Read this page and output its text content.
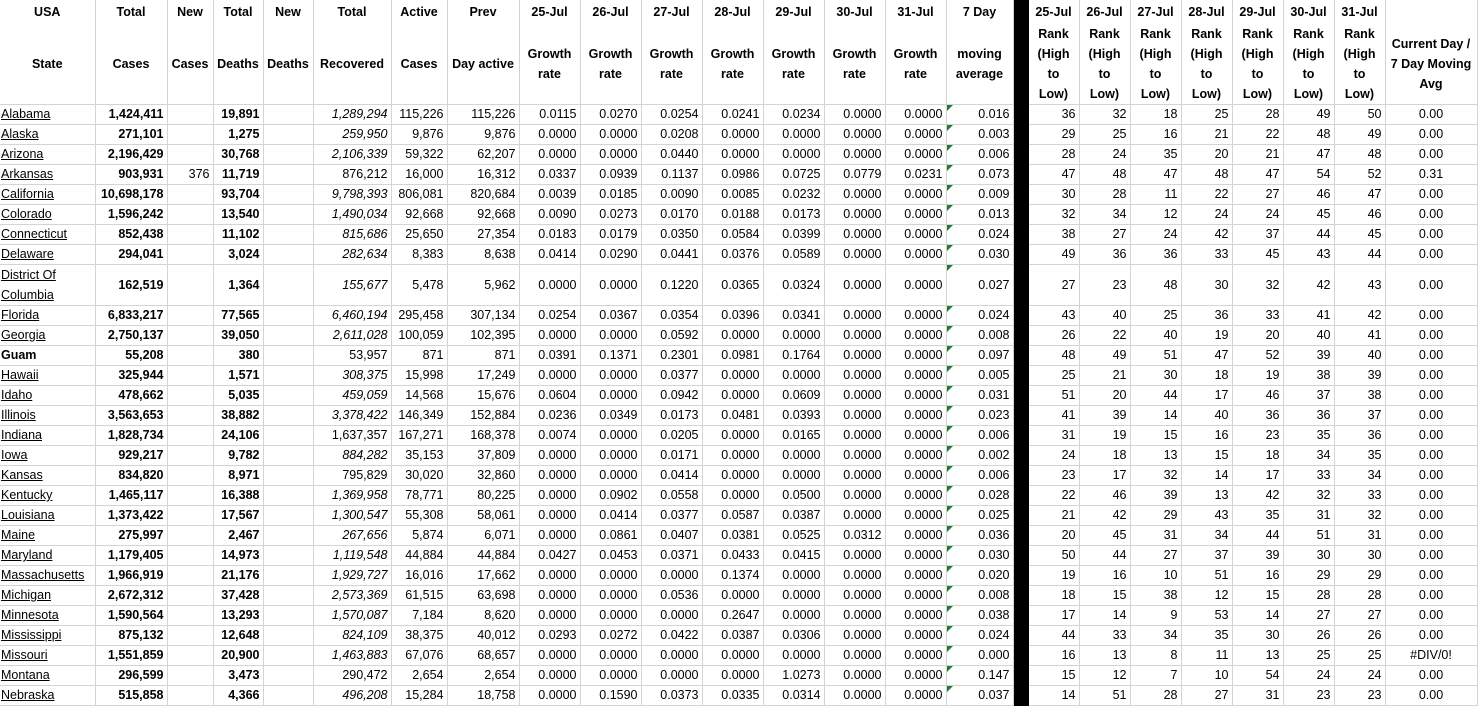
USA	Total	New	Total	New	Total	Active	Prev	25-Jul	26-Jul	27-Jul	28-Jul	29-Jul	30-Jul	31-Jul	7 Day		25-Jul	26-Jul	27-Jul	28-Jul	29-Jul	30-Jul	31-Jul	
State	Cases	Cases	Deaths	Deaths	Recovered	Cases	Day active	Growth rate	Growth rate	Growth rate	Growth rate	Growth rate	Growth rate	Growth rate	moving average		Rank (High to Low)	Rank (High to Low)	Rank (High to Low)	Rank (High to Low)	Rank (High to Low)	Rank (High to Low)	Rank (High to Low)	Current Day / 7 Day Moving Avg
Alabama	1,424,411		19,891		1,289,294	115,226	115,226	0.0115	0.0270	0.0254	0.0241	0.0234	0.0000	0.0000	0.016		36	32	18	25	28	49	50	0.00
Alaska	271,101		1,275		259,950	9,876	9,876	0.0000	0.0000	0.0208	0.0000	0.0000	0.0000	0.0000	0.003		29	25	16	21	22	48	49	0.00
Arizona	2,196,429		30,768		2,106,339	59,322	62,207	0.0000	0.0000	0.0440	0.0000	0.0000	0.0000	0.0000	0.006		28	24	35	20	21	47	48	0.00
Arkansas	903,931	376	11,719		876,212	16,000	16,312	0.0337	0.0939	0.1137	0.0986	0.0725	0.0779	0.0231	0.073		47	48	47	48	47	54	52	0.31
California	10,698,178		93,704		9,798,393	806,081	820,684	0.0039	0.0185	0.0090	0.0085	0.0232	0.0000	0.0000	0.009		30	28	11	22	27	46	47	0.00
Colorado	1,596,242		13,540		1,490,034	92,668	92,668	0.0090	0.0273	0.0170	0.0188	0.0173	0.0000	0.0000	0.013		32	34	12	24	24	45	46	0.00
Connecticut	852,438		11,102		815,686	25,650	27,354	0.0183	0.0179	0.0350	0.0584	0.0399	0.0000	0.0000	0.024		38	27	24	42	37	44	45	0.00
Delaware	294,041		3,024		282,634	8,383	8,638	0.0414	0.0290	0.0441	0.0376	0.0589	0.0000	0.0000	0.030		49	36	36	33	45	43	44	0.00
District Of Columbia	162,519		1,364		155,677	5,478	5,962	0.0000	0.0000	0.1220	0.0365	0.0324	0.0000	0.0000	0.027		27	23	48	30	32	42	43	0.00
Florida	6,833,217		77,565		6,460,194	295,458	307,134	0.0254	0.0367	0.0354	0.0396	0.0341	0.0000	0.0000	0.024		43	40	25	36	33	41	42	0.00
Georgia	2,750,137		39,050		2,611,028	100,059	102,395	0.0000	0.0000	0.0592	0.0000	0.0000	0.0000	0.0000	0.008		26	22	40	19	20	40	41	0.00
Guam	55,208		380		53,957	871	871	0.0391	0.1371	0.2301	0.0981	0.1764	0.0000	0.0000	0.097		48	49	51	47	52	39	40	0.00
Hawaii	325,944		1,571		308,375	15,998	17,249	0.0000	0.0000	0.0377	0.0000	0.0000	0.0000	0.0000	0.005		25	21	30	18	19	38	39	0.00
Idaho	478,662		5,035		459,059	14,568	15,676	0.0604	0.0000	0.0942	0.0000	0.0609	0.0000	0.0000	0.031		51	20	44	17	46	37	38	0.00
Illinois	3,563,653		38,882		3,378,422	146,349	152,884	0.0236	0.0349	0.0173	0.0481	0.0393	0.0000	0.0000	0.023		41	39	14	40	36	36	37	0.00
Indiana	1,828,734		24,106		1,637,357	167,271	168,378	0.0074	0.0000	0.0205	0.0000	0.0165	0.0000	0.0000	0.006		31	19	15	16	23	35	36	0.00
Iowa	929,217		9,782		884,282	35,153	37,809	0.0000	0.0000	0.0171	0.0000	0.0000	0.0000	0.0000	0.002		24	18	13	15	18	34	35	0.00
Kansas	834,820		8,971		795,829	30,020	32,860	0.0000	0.0000	0.0414	0.0000	0.0000	0.0000	0.0000	0.006		23	17	32	14	17	33	34	0.00
Kentucky	1,465,117		16,388		1,369,958	78,771	80,225	0.0000	0.0902	0.0558	0.0000	0.0500	0.0000	0.0000	0.028		22	46	39	13	42	32	33	0.00
Louisiana	1,373,422		17,567		1,300,547	55,308	58,061	0.0000	0.0414	0.0377	0.0587	0.0387	0.0000	0.0000	0.025		21	42	29	43	35	31	32	0.00
Maine	275,997		2,467		267,656	5,874	6,071	0.0000	0.0861	0.0407	0.0381	0.0525	0.0312	0.0000	0.036		20	45	31	34	44	51	31	0.00
Maryland	1,179,405		14,973		1,119,548	44,884	44,884	0.0427	0.0453	0.0371	0.0433	0.0415	0.0000	0.0000	0.030		50	44	27	37	39	30	30	0.00
Massachusetts	1,966,919		21,176		1,929,727	16,016	17,662	0.0000	0.0000	0.0000	0.1374	0.0000	0.0000	0.0000	0.020		19	16	10	51	16	29	29	0.00
Michigan	2,672,312		37,428		2,573,369	61,515	63,698	0.0000	0.0000	0.0536	0.0000	0.0000	0.0000	0.0000	0.008		18	15	38	12	15	28	28	0.00
Minnesota	1,590,564		13,293		1,570,087	7,184	8,620	0.0000	0.0000	0.0000	0.2647	0.0000	0.0000	0.0000	0.038		17	14	9	53	14	27	27	0.00
Mississippi	875,132		12,648		824,109	38,375	40,012	0.0293	0.0272	0.0422	0.0387	0.0306	0.0000	0.0000	0.024		44	33	34	35	30	26	26	0.00
Missouri	1,551,859		20,900		1,463,883	67,076	68,657	0.0000	0.0000	0.0000	0.0000	0.0000	0.0000	0.0000	0.000		16	13	8	11	13	25	25	#DIV/0!
Montana	296,599		3,473		290,472	2,654	2,654	0.0000	0.0000	0.0000	0.0000	1.0273	0.0000	0.0000	0.147		15	12	7	10	54	24	24	0.00
Nebraska	515,858		4,366		496,208	15,284	18,758	0.0000	0.1590	0.0373	0.0335	0.0314	0.0000	0.0000	0.037		14	51	28	27	31	23	23	0.00
